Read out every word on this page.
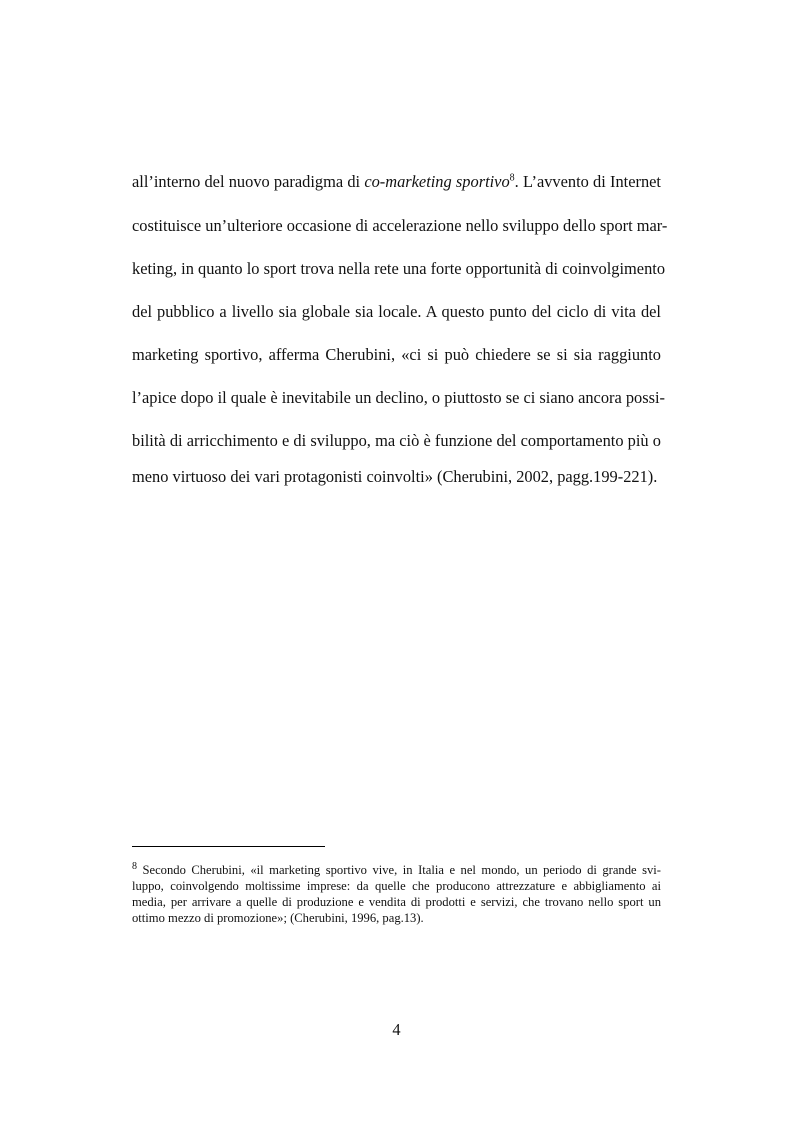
all’interno del nuovo paradigma di co-marketing sportivo$^8$. L’avvento di Internet
costituisce un’ulteriore occasione di accelerazione nello sviluppo dello sport mar-
keting, in quanto lo sport trova nella rete una forte opportunità di coinvolgimento
del pubblico a livello sia globale sia locale. A questo punto del ciclo di vita del
marketing sportivo, afferma Cherubini, «ci si può chiedere se si sia raggiunto
l’apice dopo il quale è inevitabile un declino, o piuttosto se ci siano ancora possi-
bilità di arricchimento e di sviluppo, ma ciò è funzione del comportamento più o
meno virtuoso dei vari protagonisti coinvolti» (Cherubini, 2002, pagg.199-221).
$^8$ Secondo Cherubini, «il marketing sportivo vive, in Italia e nel mondo, un periodo di grande svi-
luppo, coinvolgendo moltissime imprese: da quelle che producono attrezzature e abbigliamento ai
media, per arrivare a quelle di produzione e vendita di prodotti e servizi, che trovano nello sport un
ottimo mezzo di promozione»; (Cherubini, 1996, pag.13).
4
